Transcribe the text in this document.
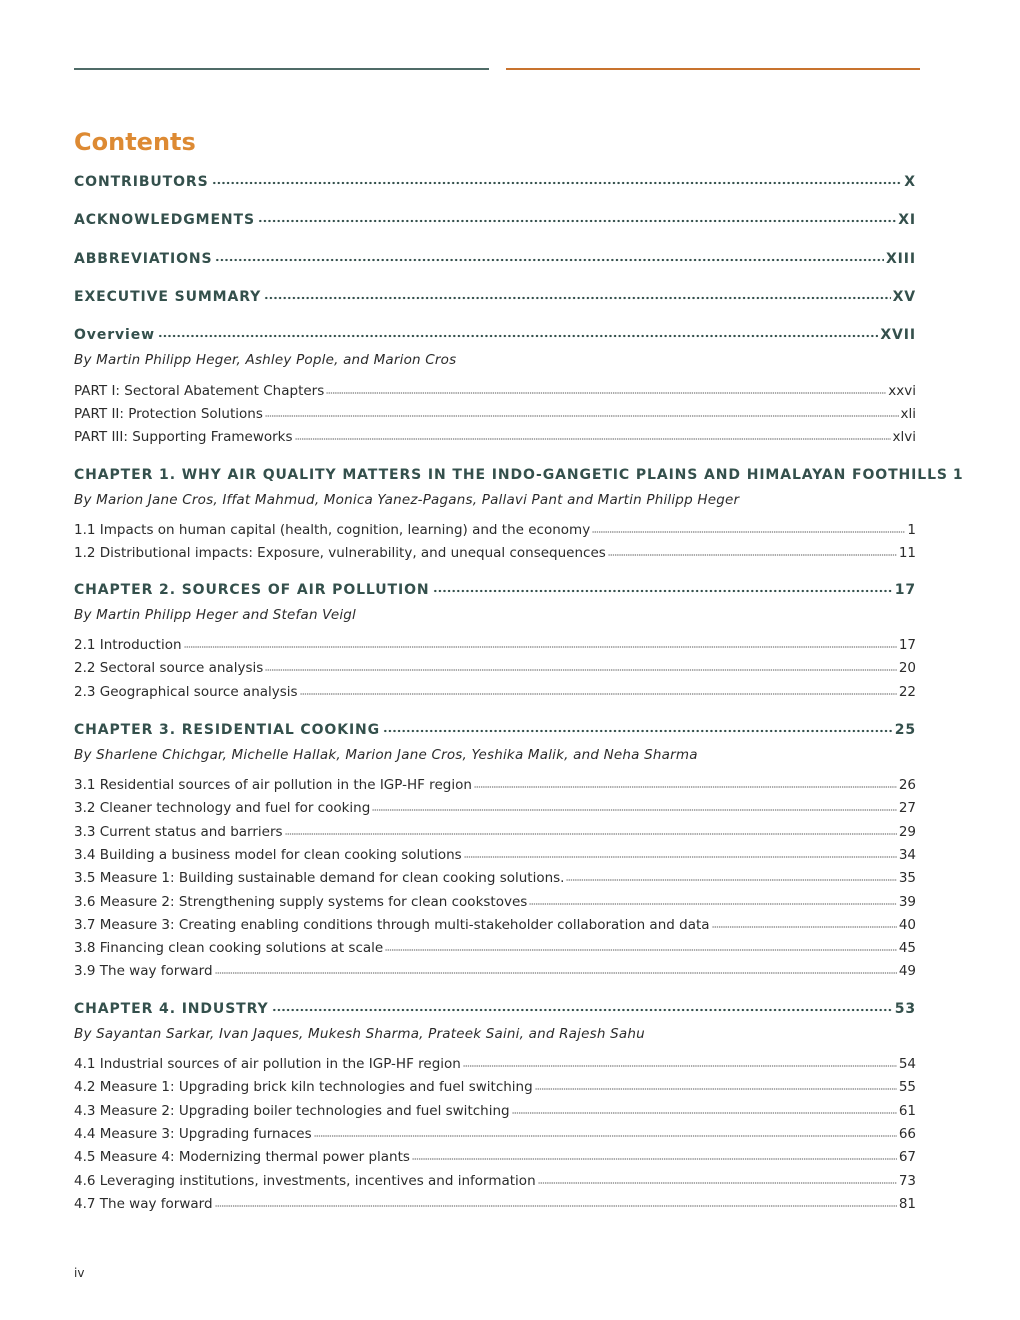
Contents
CONTRIBUTORS	X
ACKNOWLEDGMENTS	XI
ABBREVIATIONS	XIII
EXECUTIVE SUMMARY	XV
Overview	XVII
By Martin Philipp Heger, Ashley Pople, and Marion Cros
PART I: Sectoral Abatement Chapters	xxvi
PART II: Protection Solutions	xli
PART III: Supporting Frameworks	xlvi
CHAPTER 1. WHY AIR QUALITY MATTERS IN THE INDO-GANGETIC PLAINS AND HIMALAYAN FOOTHILLS 1
By Marion Jane Cros, Iffat Mahmud, Monica Yanez-Pagans, Pallavi Pant and Martin Philipp Heger
1.1 Impacts on human capital (health, cognition, learning) and the economy	1
1.2 Distributional impacts: Exposure, vulnerability, and unequal consequences	11
CHAPTER 2. SOURCES OF AIR POLLUTION	17
By Martin Philipp Heger and Stefan Veigl
2.1 Introduction	17
2.2 Sectoral source analysis	20
2.3 Geographical source analysis	22
CHAPTER 3. RESIDENTIAL COOKING	25
By Sharlene Chichgar, Michelle Hallak, Marion Jane Cros, Yeshika Malik, and Neha Sharma
3.1 Residential sources of air pollution in the IGP-HF region	26
3.2 Cleaner technology and fuel for cooking	27
3.3 Current status and barriers	29
3.4 Building a business model for clean cooking solutions	34
3.5 Measure 1: Building sustainable demand for clean cooking solutions.	35
3.6 Measure 2: Strengthening supply systems for clean cookstoves	39
3.7 Measure 3: Creating enabling conditions through multi-stakeholder collaboration and data	40
3.8 Financing clean cooking solutions at scale	45
3.9 The way forward	49
CHAPTER 4. INDUSTRY	53
By Sayantan Sarkar, Ivan Jaques, Mukesh Sharma, Prateek Saini, and Rajesh Sahu
4.1 Industrial sources of air pollution in the IGP-HF region	54
4.2 Measure 1: Upgrading brick kiln technologies and fuel switching	55
4.3 Measure 2: Upgrading boiler technologies and fuel switching	61
4.4 Measure 3: Upgrading furnaces	66
4.5 Measure 4: Modernizing thermal power plants	67
4.6 Leveraging institutions, investments, incentives and information	73
4.7 The way forward	81
iv
